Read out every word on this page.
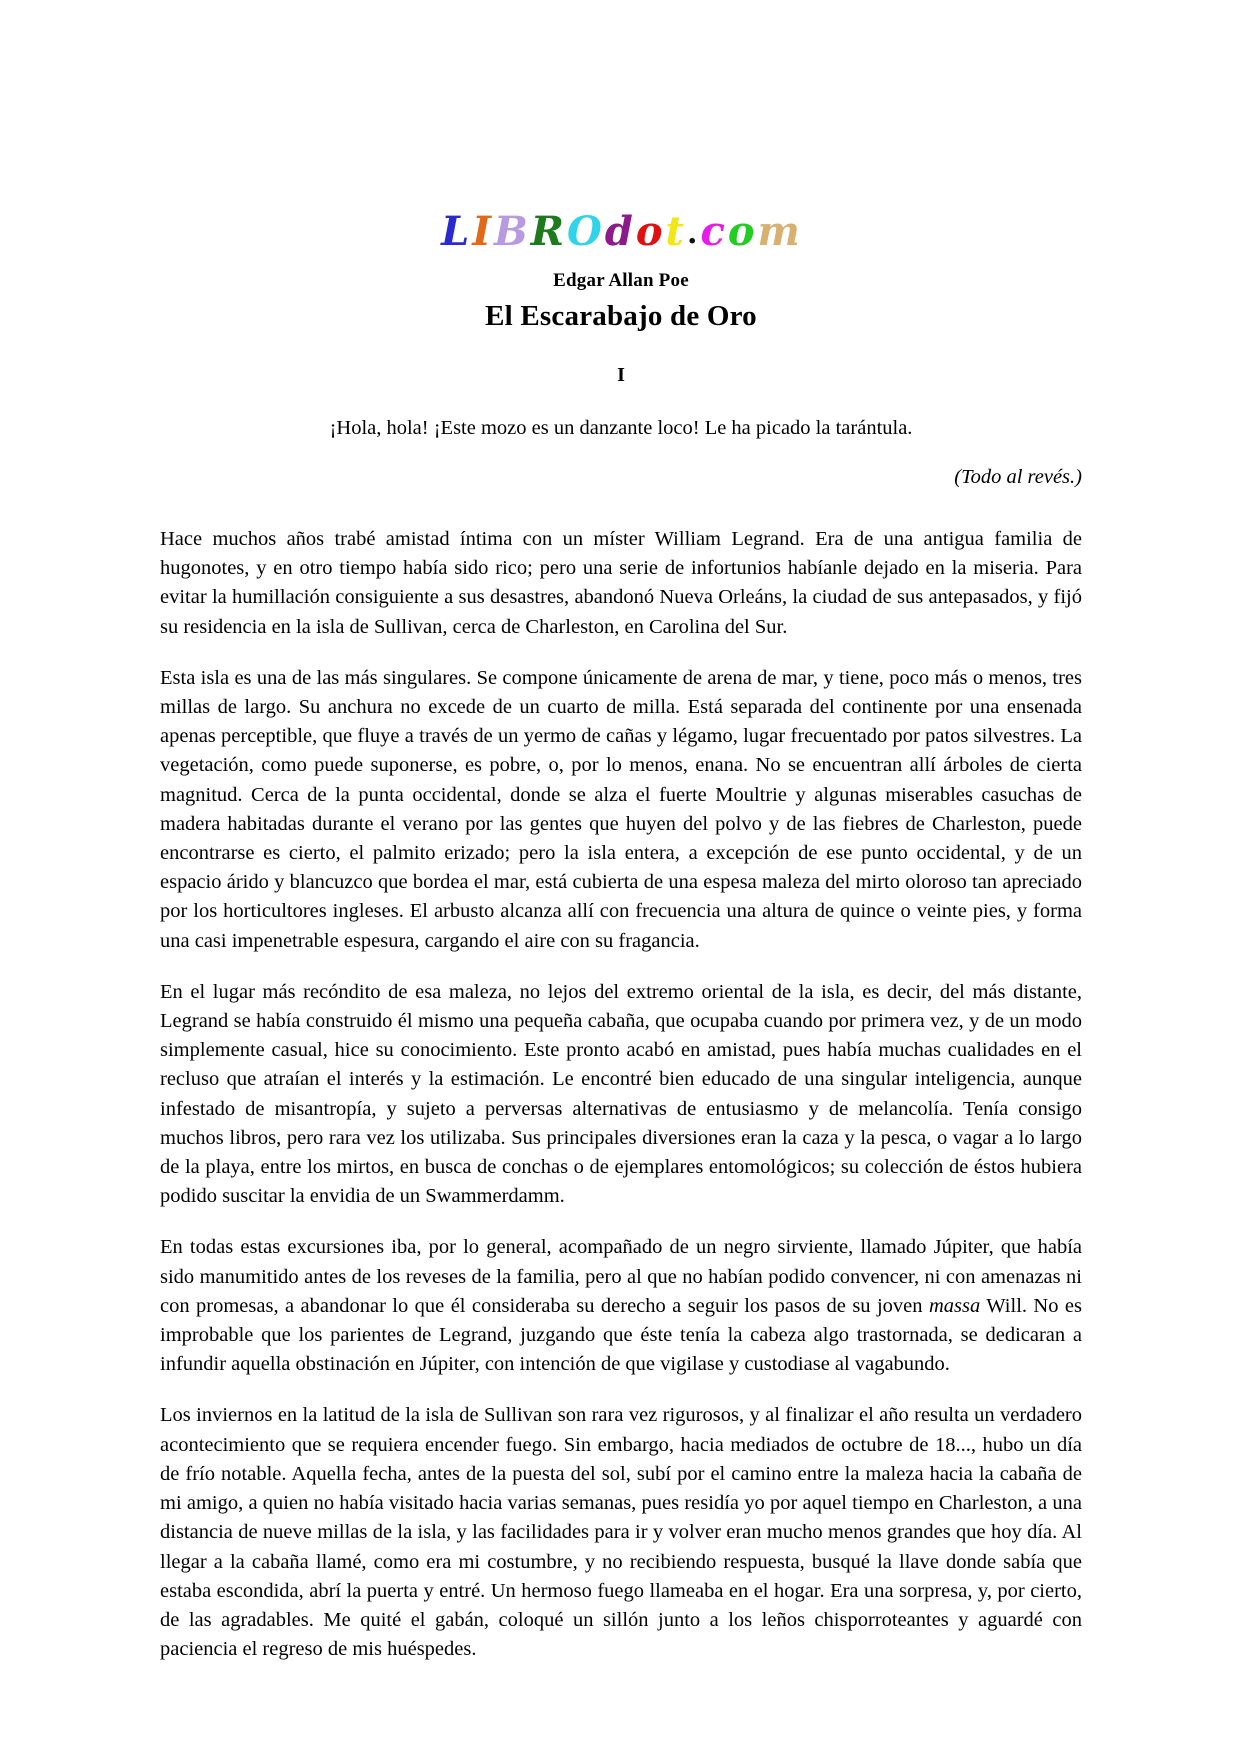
LIBROdot.com
Edgar Allan Poe
El Escarabajo de Oro
I
¡Hola, hola! ¡Este mozo es un danzante loco! Le ha picado la tarántula.
(Todo al revés.)

Hace muchos años trabé amistad íntima con un míster William Legrand. Era de una antigua familia de hugonotes, y en otro tiempo había sido rico; pero una serie de infortunios habíanle dejado en la miseria. Para evitar la humillación consiguiente a sus desastres, abandonó Nueva Orleáns, la ciudad de sus antepasados, y fijó su residencia en la isla de Sullivan, cerca de Charleston, en Carolina del Sur.

Esta isla es una de las más singulares. Se compone únicamente de arena de mar, y tiene, poco más o menos, tres millas de largo. Su anchura no excede de un cuarto de milla. Está separada del continente por una ensenada apenas perceptible, que fluye a través de un yermo de cañas y légamo, lugar frecuentado por patos silvestres. La vegetación, como puede suponerse, es pobre, o, por lo menos, enana. No se encuentran allí árboles de cierta magnitud. Cerca de la punta occidental, donde se alza el fuerte Moultrie y algunas miserables casuchas de madera habitadas durante el verano por las gentes que huyen del polvo y de las fiebres de Charleston, puede encontrarse es cierto, el palmito erizado; pero la isla entera, a excepción de ese punto occidental, y de un espacio árido y blancuzco que bordea el mar, está cubierta de una espesa maleza del mirto oloroso tan apreciado por los horticultores ingleses. El arbusto alcanza allí con frecuencia una altura de quince o veinte pies, y forma una casi impenetrable espesura, cargando el aire con su fragancia.

En el lugar más recóndito de esa maleza, no lejos del extremo oriental de la isla, es decir, del más distante, Legrand se había construido él mismo una pequeña cabaña, que ocupaba cuando por primera vez, y de un modo simplemente casual, hice su conocimiento. Este pronto acabó en amistad, pues había muchas cualidades en el recluso que atraían el interés y la estimación. Le encontré bien educado de una singular inteligencia, aunque infestado de misantropía, y sujeto a perversas alternativas de entusiasmo y de melancolía. Tenía consigo muchos libros, pero rara vez los utilizaba. Sus principales diversiones eran la caza y la pesca, o vagar a lo largo de la playa, entre los mirtos, en busca de conchas o de ejemplares entomológicos; su colección de éstos hubiera podido suscitar la envidia de un Swammerdamm.

En todas estas excursiones iba, por lo general, acompañado de un negro sirviente, llamado Júpiter, que había sido manumitido antes de los reveses de la familia, pero al que no habían podido convencer, ni con amenazas ni con promesas, a abandonar lo que él consideraba su derecho a seguir los pasos de su joven massa Will. No es improbable que los parientes de Legrand, juzgando que éste tenía la cabeza algo trastornada, se dedicaran a infundir aquella obstinación en Júpiter, con intención de que vigilase y custodiase al vagabundo.

Los inviernos en la latitud de la isla de Sullivan son rara vez rigurosos, y al finalizar el año resulta un verdadero acontecimiento que se requiera encender fuego. Sin embargo, hacia mediados de octubre de 18..., hubo un día de frío notable. Aquella fecha, antes de la puesta del sol, subí por el camino entre la maleza hacia la cabaña de mi amigo, a quien no había visitado hacia varias semanas, pues residía yo por aquel tiempo en Charleston, a una distancia de nueve millas de la isla, y las facilidades para ir y volver eran mucho menos grandes que hoy día. Al llegar a la cabaña llamé, como era mi costumbre, y no recibiendo respuesta, busqué la llave donde sabía que estaba escondida, abrí la puerta y entré. Un hermoso fuego llameaba en el hogar. Era una sorpresa, y, por cierto, de las agradables. Me quité el gabán, coloqué un sillón junto a los leños chisporroteantes y aguardé con paciencia el regreso de mis huéspedes.
